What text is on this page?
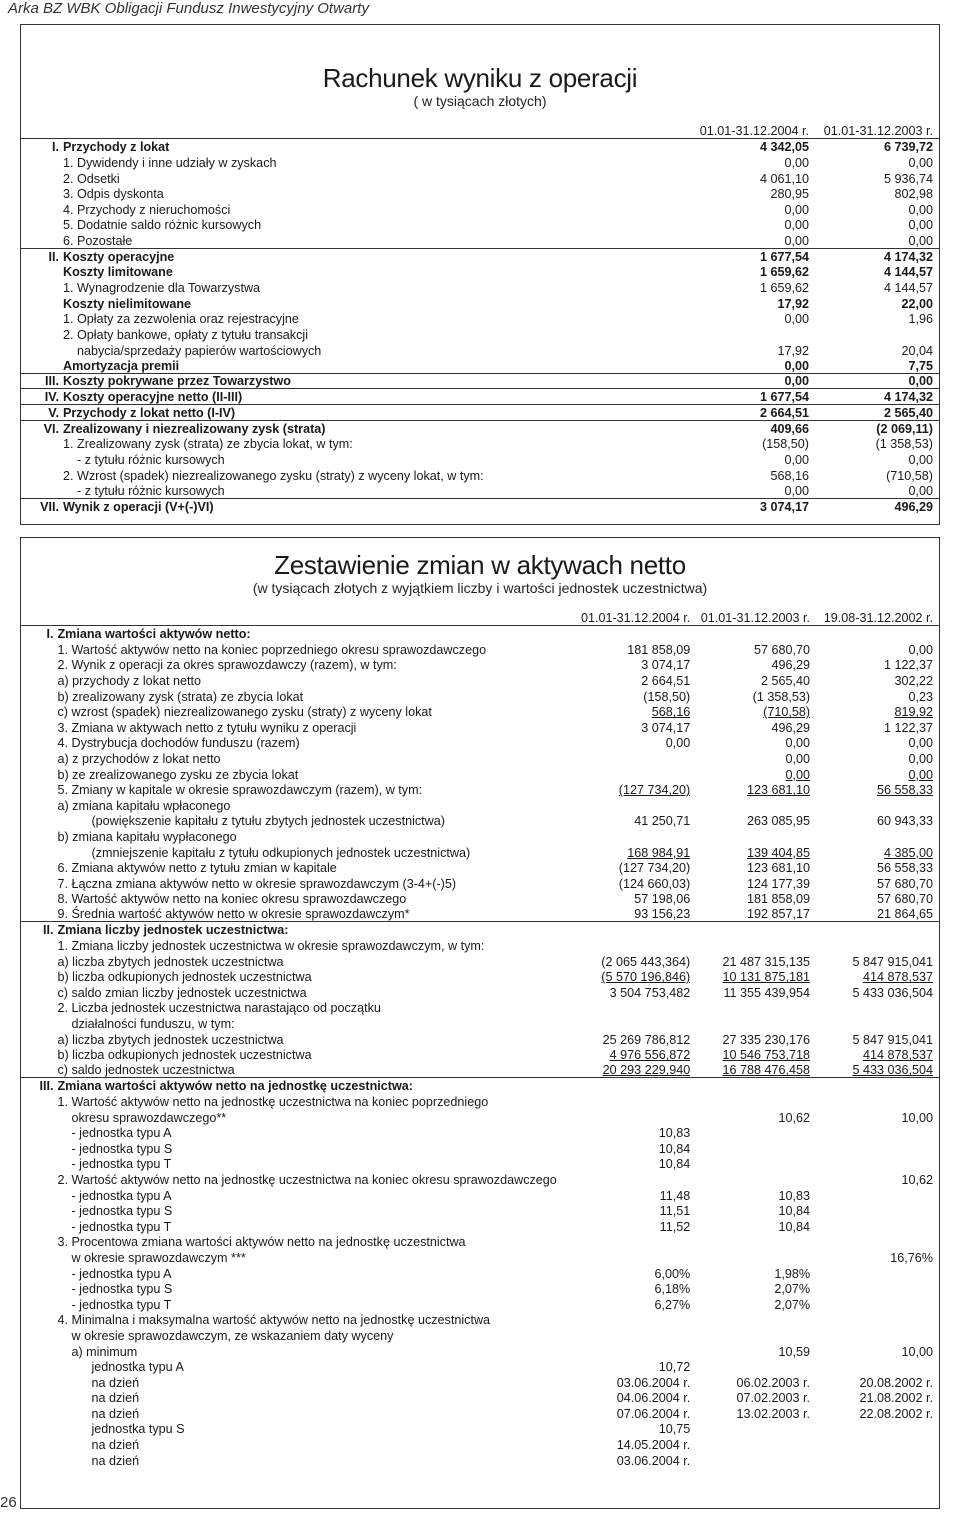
Arka BZ WBK Obligacji Fundusz Inwestycyjny Otwarty
Rachunek wyniku z operacji
( w tysiącach złotych)
		01.01-31.12.2004 r.	01.01-31.12.2003 r.
I.	Przychody z lokat	4 342,05	6 739,72
	1. Dywidendy i inne udziały w zyskach	0,00	0,00
	2. Odsetki	4 061,10	5 936,74
	3. Odpis dyskonta	280,95	802,98
	4. Przychody z nieruchomości	0,00	0,00
	5. Dodatnie saldo różnic kursowych	0,00	0,00
	6. Pozostałe	0,00	0,00
II.	Koszty operacyjne	1 677,54	4 174,32
	Koszty limitowane	1 659,62	4 144,57
	1. Wynagrodzenie dla Towarzystwa	1 659,62	4 144,57
	Koszty nielimitowane	17,92	22,00
	1. Opłaty za zezwolenia oraz rejestracyjne	0,00	1,96
	2. Opłaty bankowe, opłaty z tytułu transakcji		
	nabycia/sprzedaży papierów wartościowych	17,92	20,04
	Amortyzacja premii	0,00	7,75
III.	Koszty pokrywane przez Towarzystwo	0,00	0,00
IV.	Koszty operacyjne netto (II-III)	1 677,54	4 174,32
V.	Przychody z lokat netto (I-IV)	2 664,51	2 565,40
VI.	Zrealizowany i niezrealizowany zysk (strata)	409,66	(2 069,11)
	1. Zrealizowany zysk (strata) ze zbycia lokat, w tym:	(158,50)	(1 358,53)
	- z tytułu różnic kursowych	0,00	0,00
	2. Wzrost (spadek) niezrealizowanego zysku (straty) z wyceny lokat, w tym:	568,16	(710,58)
	- z tytułu różnic kursowych	0,00	0,00
VII.	Wynik z operacji (V+(-)VI)	3 074,17	496,29
Zestawienie zmian w aktywach netto
(w tysiącach złotych z wyjątkiem liczby i wartości jednostek uczestnictwa)
		01.01-31.12.2004 r.	01.01-31.12.2003 r.	19.08-31.12.2002 r.
I.	Zmiana wartości aktywów netto:			
	1. Wartość aktywów netto na koniec poprzedniego okresu sprawozdawczego	181 858,09	57 680,70	0,00
	2. Wynik z operacji za okres sprawozdawczy (razem), w tym:	3 074,17	496,29	1 122,37
	a) przychody z lokat netto	2 664,51	2 565,40	302,22
	b) zrealizowany zysk (strata) ze zbycia lokat	(158,50)	(1 358,53)	0,23
	c) wzrost (spadek) niezrealizowanego zysku (straty) z wyceny lokat	568,16	(710,58)	819,92
	3. Zmiana w aktywach netto z tytułu wyniku z operacji	3 074,17	496,29	1 122,37
	4. Dystrybucja dochodów funduszu (razem)	0,00	0,00	0,00
	a) z przychodów z lokat netto		0,00	0,00
	b) ze zrealizowanego zysku ze zbycia lokat		0,00	0,00
	5. Zmiany w kapitale w okresie sprawozdawczym (razem), w tym:	(127 734,20)	123 681,10	56 558,33
	a) zmiana kapitału wpłaconego			
	(powiększenie kapitału z tytułu zbytych jednostek uczestnictwa)	41 250,71	263 085,95	60 943,33
	b) zmiana kapitału wypłaconego			
	(zmniejszenie kapitału z tytułu odkupionych jednostek uczestnictwa)	168 984,91	139 404,85	4 385,00
	6. Zmiana aktywów netto z tytułu zmian w kapitale	(127 734,20)	123 681,10	56 558,33
	7. Łączna zmiana aktywów netto w okresie sprawozdawczym (3-4+(-)5)	(124 660,03)	124 177,39	57 680,70
	8. Wartość aktywów netto na koniec okresu sprawozdawczego	57 198,06	181 858,09	57 680,70
	9. Średnia wartość aktywów netto w okresie sprawozdawczym*	93 156,23	192 857,17	21 864,65
II.	Zmiana liczby jednostek uczestnictwa:			
	1. Zmiana liczby jednostek uczestnictwa w okresie sprawozdawczym, w tym:			
	a) liczba zbytych jednostek uczestnictwa	(2 065 443,364)	21 487 315,135	5 847 915,041
	b) liczba odkupionych jednostek uczestnictwa	(5 570 196,846)	10 131 875,181	414 878,537
	c) saldo zmian liczby jednostek uczestnictwa	3 504 753,482	11 355 439,954	5 433 036,504
	2. Liczba jednostek uczestnictwa narastająco od początku			
	działalności funduszu, w tym:			
	a) liczba zbytych jednostek uczestnictwa	25 269 786,812	27 335 230,176	5 847 915,041
	b) liczba odkupionych jednostek uczestnictwa	4 976 556,872	10 546 753,718	414 878,537
	c) saldo jednostek uczestnictwa	20 293 229,940	16 788 476,458	5 433 036,504
III.	Zmiana wartości aktywów netto na jednostkę uczestnictwa:			
	1. Wartość aktywów netto na jednostkę uczestnictwa na koniec poprzedniego			
	okresu sprawozdawczego**		10,62	10,00
	- jednostka typu A	10,83		
	- jednostka typu S	10,84		
	- jednostka typu T	10,84		
	2. Wartość aktywów netto na jednostkę uczestnictwa na koniec okresu sprawozdawczego			10,62
	- jednostka typu A	11,48	10,83	
	- jednostka typu S	11,51	10,84	
	- jednostka typu T	11,52	10,84	
	3. Procentowa zmiana wartości aktywów netto na jednostkę uczestnictwa			
	w okresie sprawozdawczym ***			16,76%
	- jednostka typu A	6,00%	1,98%	
	- jednostka typu S	6,18%	2,07%	
	- jednostka typu T	6,27%	2,07%	
	4. Minimalna i maksymalna wartość aktywów netto na jednostkę uczestnictwa			
	w okresie sprawozdawczym, ze wskazaniem daty wyceny			
	a) minimum		10,59	10,00
	jednostka typu A	10,72		
	na dzień	03.06.2004 r.	06.02.2003 r.	20.08.2002 r.
	na dzień	04.06.2004 r.	07.02.2003 r.	21.08.2002 r.
	na dzień	07.06.2004 r.	13.02.2003 r.	22.08.2002 r.
	jednostka typu S	10,75		
	na dzień	14.05.2004 r.		
	na dzień	03.06.2004 r.		
26
